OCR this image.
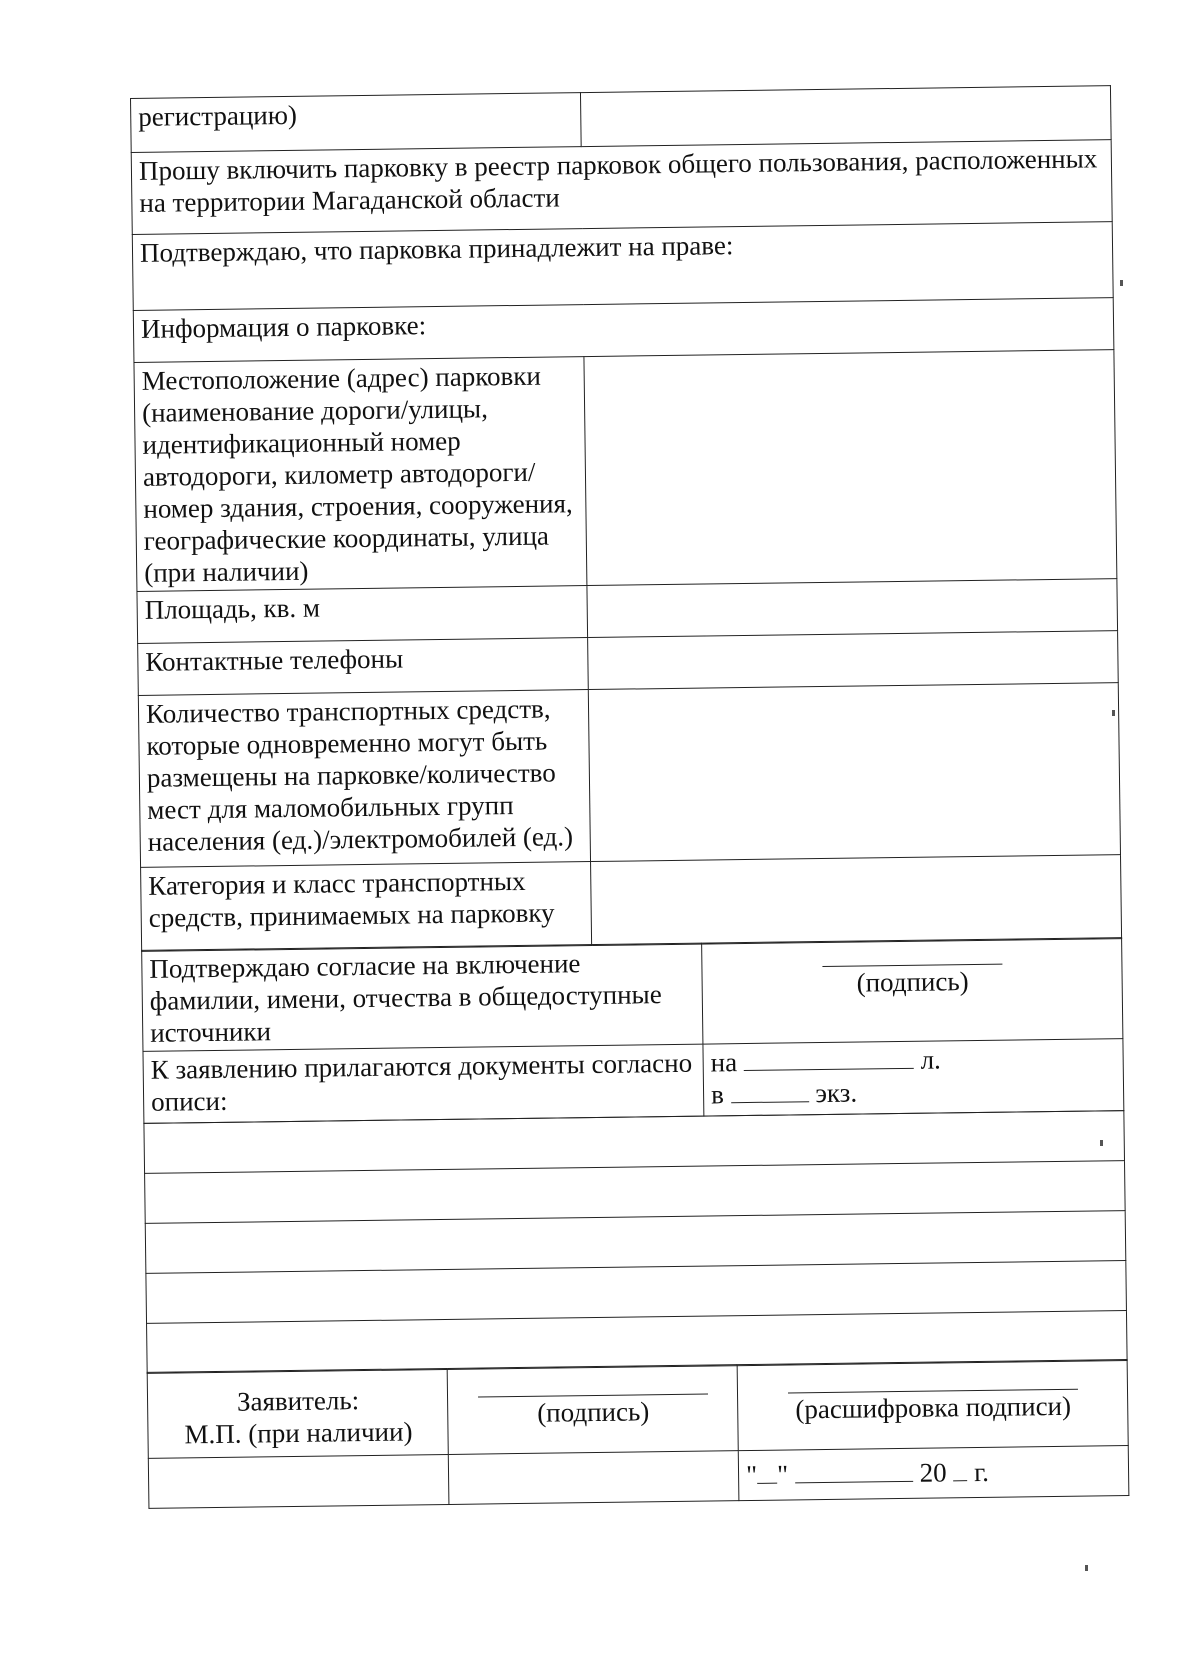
регистрацию)	
Прошу включить парковку в реестр парковок общего пользования, расположенных на территории Магаданской области	
Подтверждаю, что парковка принадлежит на праве:	
Информация о парковке:	
Местоположение (адрес) парковки (наименование дороги/улицы, идентификационный номер автодороги, километр автодороги/номер здания, строения, сооружения, географические координаты, улица (при наличии)	
Площадь, кв. м	
Контактные телефоны	
Количество транспортных средств, которые одновременно могут быть размещены на парковке/количество мест для маломобильных групп населения (ед.)/электромобилей (ед.)	
Категория и класс транспортных средств, принимаемых на парковку	
Подтверждаю согласие на включение фамилии, имени, отчества в общедоступные источники	(подпись)

К заявлению прилагаются документы согласно описи:	на л.
в экз.

Заявитель:
М.П. (при наличии)	(подпись)	(расшифровка подписи)

		" " 20 г.
